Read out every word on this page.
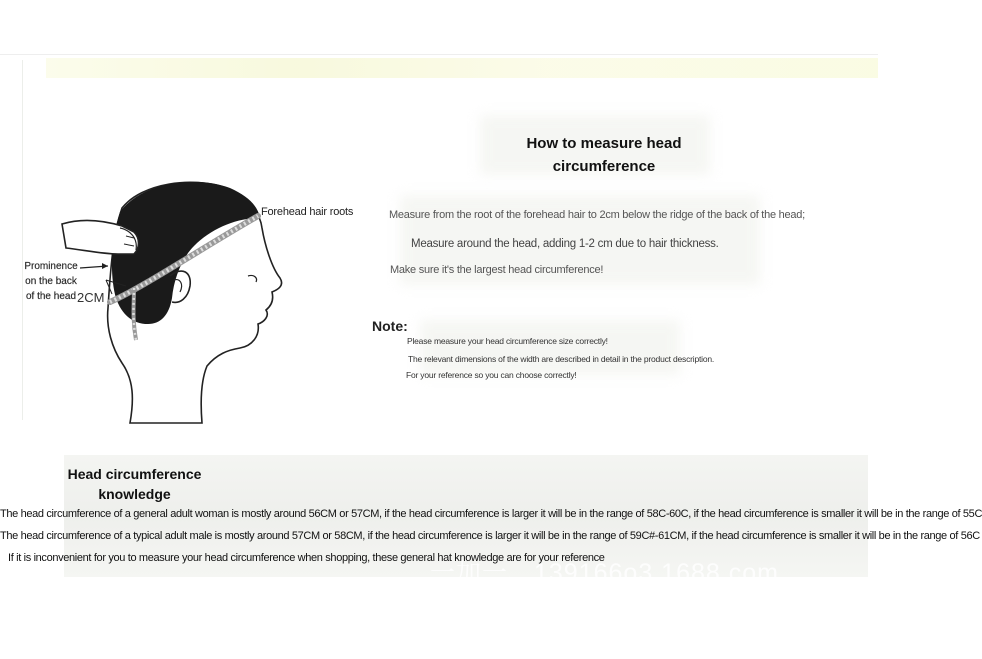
Forehead hair roots
Prominence on the back of the head 2CM
How to measure head circumference
Measure from the root of the forehead hair to 2cm below the ridge of the back of the head;
Measure around the head, adding 1-2 cm due to hair thickness.
Make sure it's the largest head circumference!
Note:
Please measure your head circumference size correctly!
The relevant dimensions of the width are described in detail in the product description.
For your reference so you can choose correctly!
一加一、139166o3.1688.com
Head circumference knowledge
The head circumference of a general adult woman is mostly around 56CM or 57CM, if the head circumference is larger it will be in the range of 58C-60C, if the head circumference is smaller it will be in the range of 55C
The head circumference of a typical adult male is mostly around 57CM or 58CM, if the head circumference is larger it will be in the range of 59C#-61CM, if the head circumference is smaller it will be in the range of 56C
If it is inconvenient for you to measure your head circumference when shopping, these general hat knowledge are for your reference
